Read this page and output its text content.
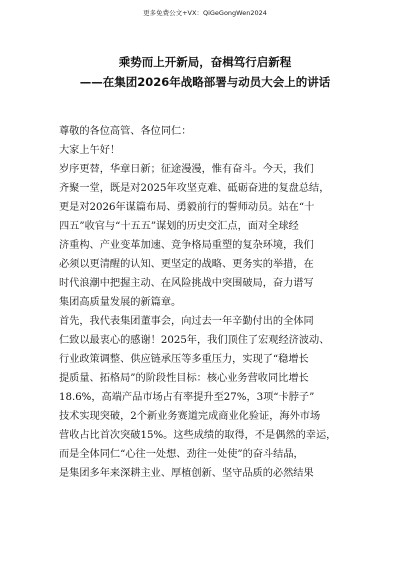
更多免费公文+VX：QiGeGongWen2024
乘势而上开新局，奋楫笃行启新程
——在集团2026年战略部署与动员大会上的讲话

尊敬的各位高管、各位同仁：

大家上午好！

岁序更替，华章日新；征途漫漫，惟有奋斗。今天，我们
齐聚一堂，既是对2025年攻坚克难、砥砺奋进的复盘总结，
更是对2026年谋篇布局、勇毅前行的誓师动员。站在“十
四五”收官与“十五五”谋划的历史交汇点，面对全球经
济重构、产业变革加速、竞争格局重塑的复杂环境，我们
必须以更清醒的认知、更坚定的战略、更务实的举措，在
时代浪潮中把握主动、在风险挑战中突围破局，奋力谱写
集团高质量发展的新篇章。

首先，我代表集团董事会，向过去一年辛勤付出的全体同
仁致以最衷心的感谢！2025年，我们顶住了宏观经济波动、
行业政策调整、供应链承压等多重压力，实现了“稳增长
提质量、拓格局”的阶段性目标：核心业务营收同比增长
18.6%，高端产品市场占有率提升至27%，3项“卡脖子”
技术实现突破，2个新业务赛道完成商业化验证，海外市场
营收占比首次突破15%。这些成绩的取得，不是偶然的幸运，
而是全体同仁“心往一处想、劲往一处使”的奋斗结晶，
是集团多年来深耕主业、厚植创新、坚守品质的必然结果
